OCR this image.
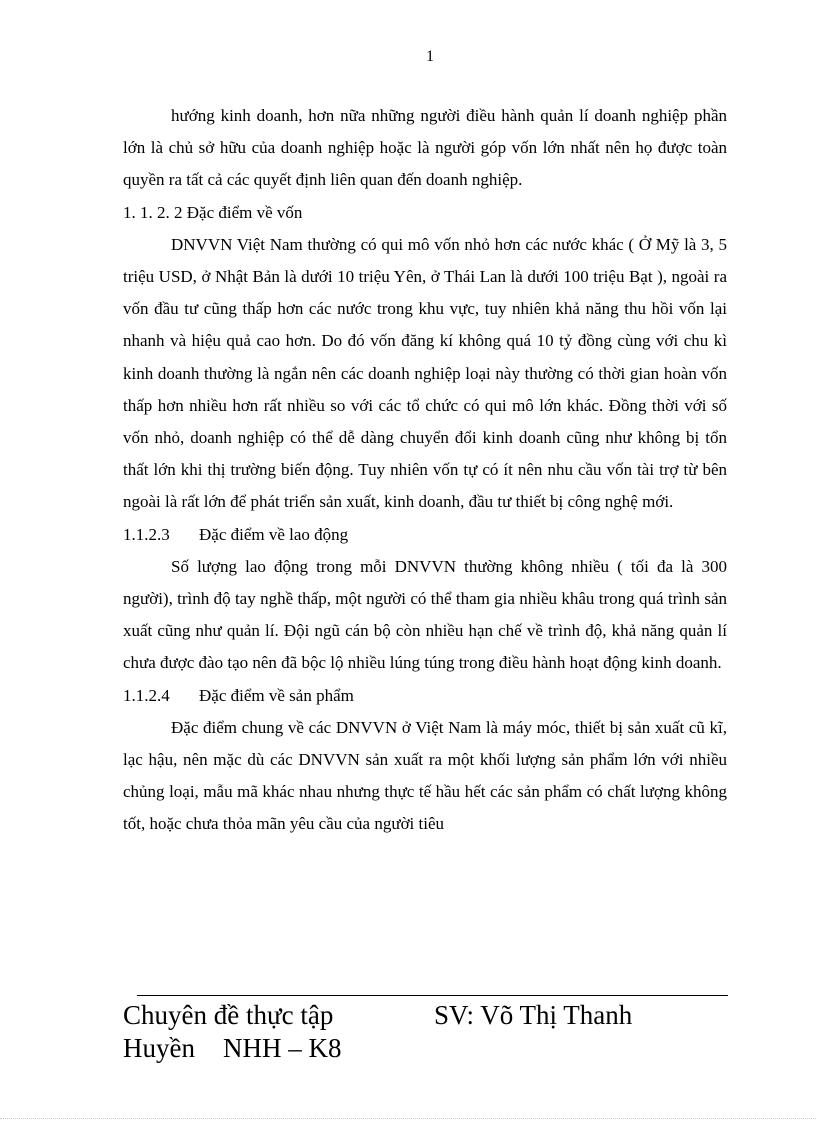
1

hướng kinh doanh, hơn nữa những người điều hành quản lí doanh nghiệp phần lớn là chủ sở hữu của doanh nghiệp hoặc là người góp vốn lớn nhất nên họ được toàn quyền ra tất cả các quyết định liên quan đến doanh nghiệp.

1. 1. 2. 2 Đặc điểm về vốn

DNVVN Việt Nam thường có qui mô vốn nhỏ hơn các nước khác ( Ở Mỹ là 3, 5 triệu USD, ở Nhật Bản là dưới 10 triệu Yên, ở Thái Lan là dưới 100 triệu Bạt ), ngoài ra vốn đầu tư cũng thấp hơn các nước trong khu vực, tuy nhiên khả năng thu hồi vốn lại nhanh và hiệu quả cao hơn. Do đó vốn đăng kí không quá 10 tỷ đồng cùng với chu kì kinh doanh thường là ngắn nên các doanh nghiệp loại này thường có thời gian hoàn vốn thấp hơn nhiều hơn rất nhiều so với các tổ chức có qui mô lớn khác. Đồng thời với số vốn nhỏ, doanh nghiệp có thể dễ dàng chuyển đổi kinh doanh cũng như không bị tổn thất lớn khi thị trường biến động. Tuy nhiên vốn tự có ít nên nhu cầu vốn tài trợ từ bên ngoài là rất lớn để phát triển sản xuất, kinh doanh, đầu tư thiết bị công nghệ mới.

1.1.2.3 Đặc điểm về lao động

Số lượng lao động trong mỗi DNVVN thường không nhiều ( tối đa là 300 người), trình độ tay nghề thấp, một người có thể tham gia nhiều khâu trong quá trình sản xuất cũng như quản lí. Đội ngũ cán bộ còn nhiều hạn chế về trình độ, khả năng quản lí chưa được đào tạo nên đã bộc lộ nhiều lúng túng trong điều hành hoạt động kinh doanh.

1.1.2.4 Đặc điểm về sản phẩm

Đặc điểm chung về các DNVVN ở Việt Nam là máy móc, thiết bị sản xuất cũ kĩ, lạc hậu, nên mặc dù các DNVVN sản xuất ra một khối lượng sản phẩm lớn với nhiều chủng loại, mẫu mã khác nhau nhưng thực tế hầu hết các sản phẩm có chất lượng không tốt, hoặc chưa thỏa mãn yêu cầu của người tiêu

Chuyên đề thực tập	SV: Võ Thị Thanh
Huyền NHH – K8
